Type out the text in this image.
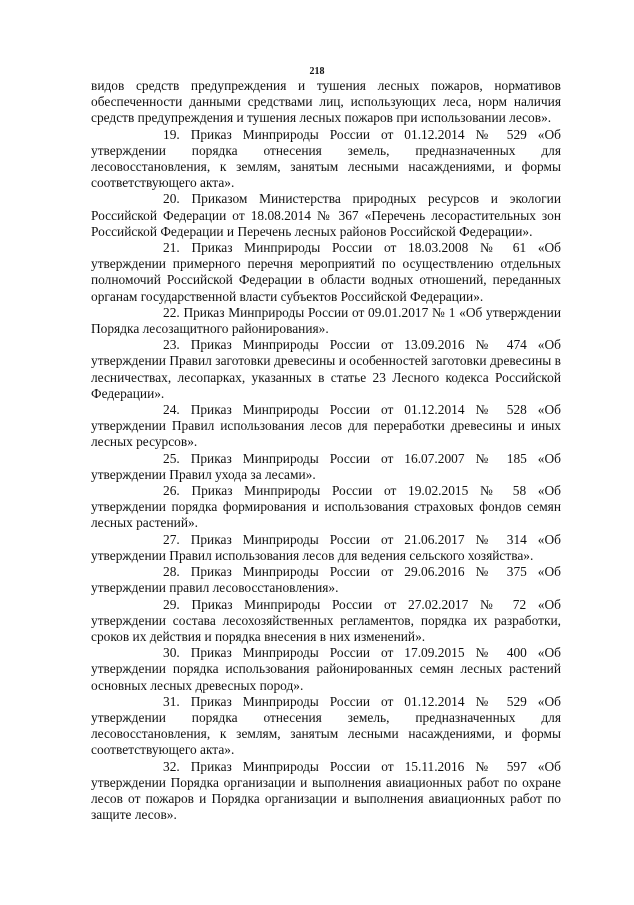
218

видов средств предупреждения и тушения лесных пожаров, нормативов обеспеченности данными средствами лиц, использующих леса, норм наличия средств предупреждения и тушения лесных пожаров при использовании лесов».

19. Приказ Минприроды России от 01.12.2014 № 529 «Об утверждении порядка отнесения земель, предназначенных для лесовосстановления, к землям, занятым лесными насаждениями, и формы соответствующего акта».

20. Приказом Министерства природных ресурсов и экологии Российской Федерации от 18.08.2014 № 367 «Перечень лесорастительных зон Российской Федерации и Перечень лесных районов Российской Федерации».

21. Приказ Минприроды России от 18.03.2008 № 61 «Об утверждении примерного перечня мероприятий по осуществлению отдельных полномочий Российской Федерации в области водных отношений, переданных органам государственной власти субъектов Российской Федерации».

22. Приказ Минприроды России от 09.01.2017 № 1 «Об утверждении Порядка лесозащитного районирования».

23. Приказ Минприроды России от 13.09.2016 № 474 «Об утверждении Правил заготовки древесины и особенностей заготовки древесины в лесничествах, лесопарках, указанных в статье 23 Лесного кодекса Российской Федерации».

24. Приказ Минприроды России от 01.12.2014 № 528 «Об утверждении Правил использования лесов для переработки древесины и иных лесных ресурсов».

25. Приказ Минприроды России от 16.07.2007 № 185 «Об утверждении Правил ухода за лесами».

26. Приказ Минприроды России от 19.02.2015 № 58 «Об утверждении порядка формирования и использования страховых фондов семян лесных растений».

27. Приказ Минприроды России от 21.06.2017 № 314 «Об утверждении Правил использования лесов для ведения сельского хозяйства».

28. Приказ Минприроды России от 29.06.2016 № 375 «Об утверждении правил лесовосстановления».

29. Приказ Минприроды России от 27.02.2017 № 72 «Об утверждении состава лесохозяйственных регламентов, порядка их разработки, сроков их действия и порядка внесения в них изменений».

30. Приказ Минприроды России от 17.09.2015 № 400 «Об утверждении порядка использования районированных семян лесных растений основных лесных древесных пород».

31. Приказ Минприроды России от 01.12.2014 № 529 «Об утверждении порядка отнесения земель, предназначенных для лесовосстановления, к землям, занятым лесными насаждениями, и формы соответствующего акта».

32. Приказ Минприроды России от 15.11.2016 № 597 «Об утверждении Порядка организации и выполнения авиационных работ по охране лесов от пожаров и Порядка организации и выполнения авиационных работ по защите лесов».
